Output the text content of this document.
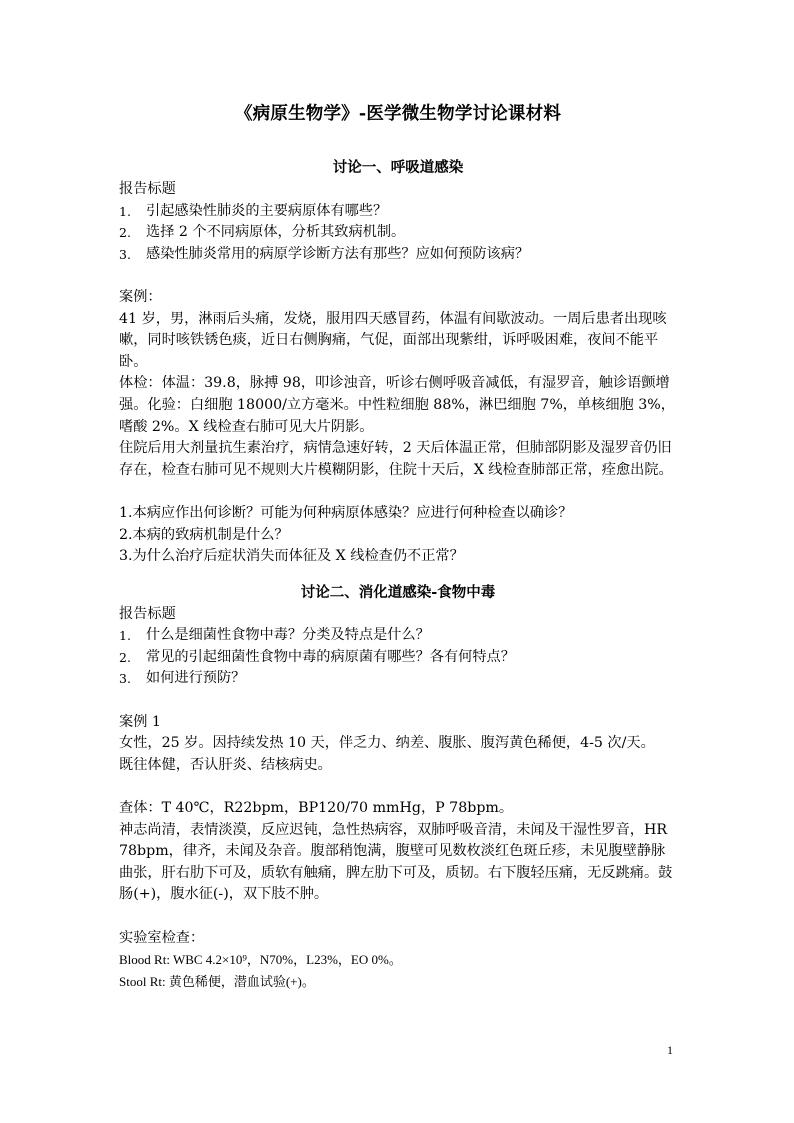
《病原生物学》-医学微生物学讨论课材料
讨论一、呼吸道感染

报告标题

1.	引起感染性肺炎的主要病原体有哪些？
2.	选择 2 个不同病原体，分析其致病机制。
3.	感染性肺炎常用的病原学诊断方法有那些？应如何预防该病？

案例：

41 岁，男，淋雨后头痛，发烧，服用四天感冒药，体温有间歇波动。一周后患者出现咳嗽，同时咳铁锈色痰，近日右侧胸痛，气促，面部出现紫绀，诉呼吸困难，夜间不能平卧。

体检：体温：39.8，脉搏 98，叩诊浊音，听诊右侧呼吸音减低，有湿罗音，触诊语颤增强。化验：白细胞 18000/立方毫米。中性粒细胞 88%，淋巴细胞 7%，单核细胞 3%，嗜酸 2%。X 线检查右肺可见大片阴影。

住院后用大剂量抗生素治疗，病情急速好转，2 天后体温正常，但肺部阴影及湿罗音仍旧存在，检查右肺可见不规则大片模糊阴影，住院十天后，X 线检查肺部正常，痊愈出院。

1.本病应作出何诊断？可能为何种病原体感染？应进行何种检查以确诊？

2.本病的致病机制是什么？

3.为什么治疗后症状消失而体征及 X 线检查仍不正常？

讨论二、消化道感染-食物中毒

报告标题

1.	什么是细菌性食物中毒？分类及特点是什么？
2.	常见的引起细菌性食物中毒的病原菌有哪些？各有何特点？
3.	如何进行预防？

案例 1

女性，25 岁。因持续发热 10 天，伴乏力、纳差、腹胀、腹泻黄色稀便，4-5 次/天。

既往体健，否认肝炎、结核病史。

查体：T 40℃，R22bpm，BP120/70 mmHg，P 78bpm。

神志尚清，表情淡漠，反应迟钝，急性热病容，双肺呼吸音清，未闻及干湿性罗音，HR 78bpm，律齐，未闻及杂音。腹部稍饱满，腹壁可见数枚淡红色斑丘疹，未见腹壁静脉曲张，肝右肋下可及，质软有触痛，脾左肋下可及，质韧。右下腹轻压痛，无反跳痛。鼓肠(+)，腹水征(-)，双下肢不肿。

实验室检查：

Blood Rt: WBC 4.2×10⁹，N70%，L23%，EO 0%。

Stool Rt: 黄色稀便，潜血试验(+)。

1
